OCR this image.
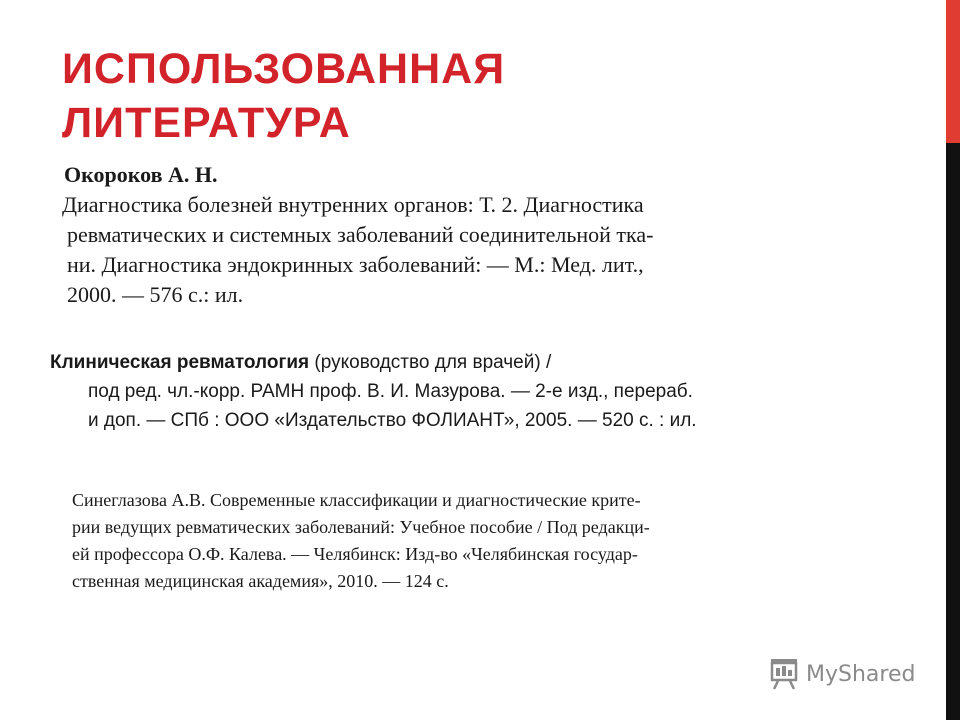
ИСПОЛЬЗОВАННАЯ
ЛИТЕРАТУРА
Окороков А. Н.
Диагностика болезней внутренних органов: Т. 2. Диагностика
ревматических и системных заболеваний соединительной тка-
ни. Диагностика эндокринных заболеваний: — М.: Мед. лит.,
2000. — 576 с.: ил.
Клиническая ревматология (руководство для врачей) /
под ред. чл.-корр. РАМН проф. В. И. Мазурова. — 2-е изд., перераб.
и доп. — СПб : ООО «Издательство ФОЛИАНТ», 2005. — 520 с. : ил.
Синеглазова А.В. Современные классификации и диагностические крите-
рии ведущих ревматических заболеваний: Учебное пособие / Под редакци-
ей профессора О.Ф. Калева. — Челябинск: Изд-во «Челябинская государ-
ственная медицинская академия», 2010. — 124 с.
MyShared
